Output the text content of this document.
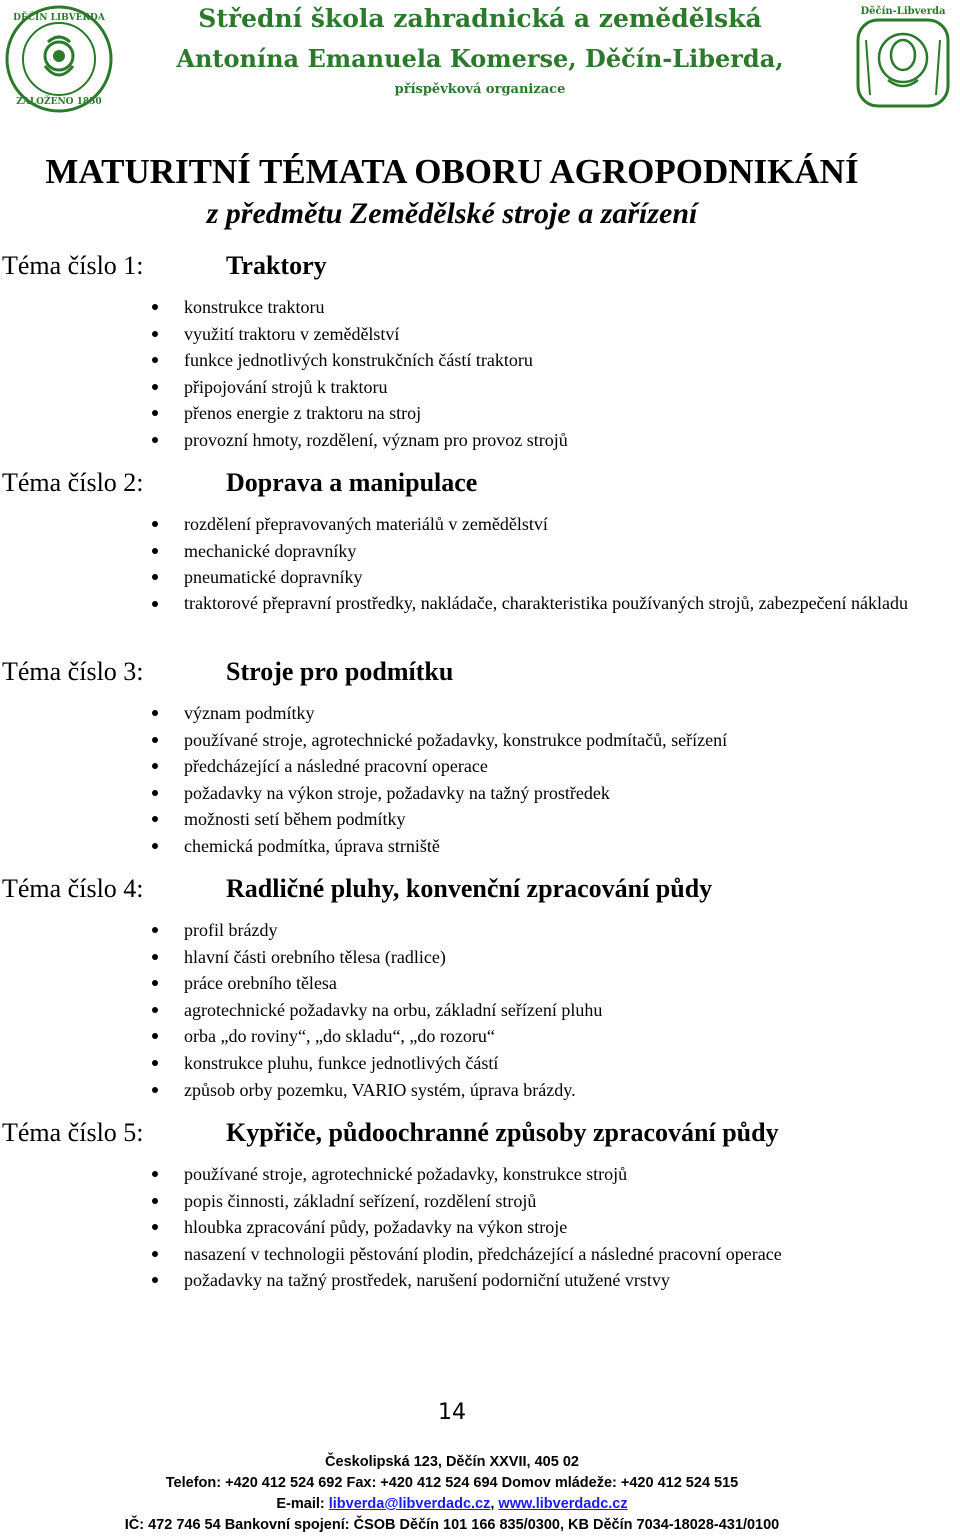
DĚČÍN LIBVERDA
ZALOŽENO 1850
Děčín-Libverda
Střední škola zahradnická a zemědělská
Antonína Emanuela Komerse, Děčín-Liberda,
příspěvková organizace
MATURITNÍ TÉMATA OBORU AGROPODNIKÁNÍ
z předmětu Zemědělské stroje a zařízení
Téma číslo 1:	Traktory
konstrukce traktoru
využití traktoru v zemědělství
funkce jednotlivých konstrukčních částí traktoru
připojování strojů k traktoru
přenos energie z traktoru na stroj
provozní hmoty, rozdělení, význam pro provoz strojů
Téma číslo 2:	Doprava a manipulace
rozdělení přepravovaných materiálů v zemědělství
mechanické dopravníky
pneumatické dopravníky
traktorové přepravní prostředky, nakládače, charakteristika používaných strojů, zabezpečení nákladu
Téma číslo 3:	Stroje pro podmítku
význam podmítky
používané stroje, agrotechnické požadavky, konstrukce podmítačů, seřízení
předcházející a následné pracovní operace
požadavky na výkon stroje, požadavky na tažný prostředek
možnosti setí během podmítky
chemická podmítka, úprava strniště
Téma číslo 4:	Radličné pluhy, konvenční zpracování půdy
profil brázdy
hlavní části orebního tělesa (radlice)
práce orebního tělesa
agrotechnické požadavky na orbu, základní seřízení pluhu
orba „do roviny“, „do skladu“, „do rozoru“
konstrukce pluhu, funkce jednotlivých částí
způsob orby pozemku, VARIO systém, úprava brázdy.
Téma číslo 5:	Kypřiče, půdoochranné způsoby zpracování půdy
používané stroje, agrotechnické požadavky, konstrukce strojů
popis činnosti, základní seřízení, rozdělení strojů
hloubka zpracování půdy, požadavky na výkon stroje
nasazení v technologii pěstování plodin, předcházející a následné pracovní operace
požadavky na tažný prostředek, narušení podorniční utužené vrstvy
14
Českolipská 123, Děčín XXVII, 405 02
Telefon: +420 412 524 692 Fax: +420 412 524 694 Domov mládeže: +420 412 524 515
E-mail: libverda@libverdadc.cz, www.libverdadc.cz
IČ: 472 746 54 Bankovní spojení: ČSOB Děčín 101 166 835/0300, KB Děčín 7034-18028-431/0100
